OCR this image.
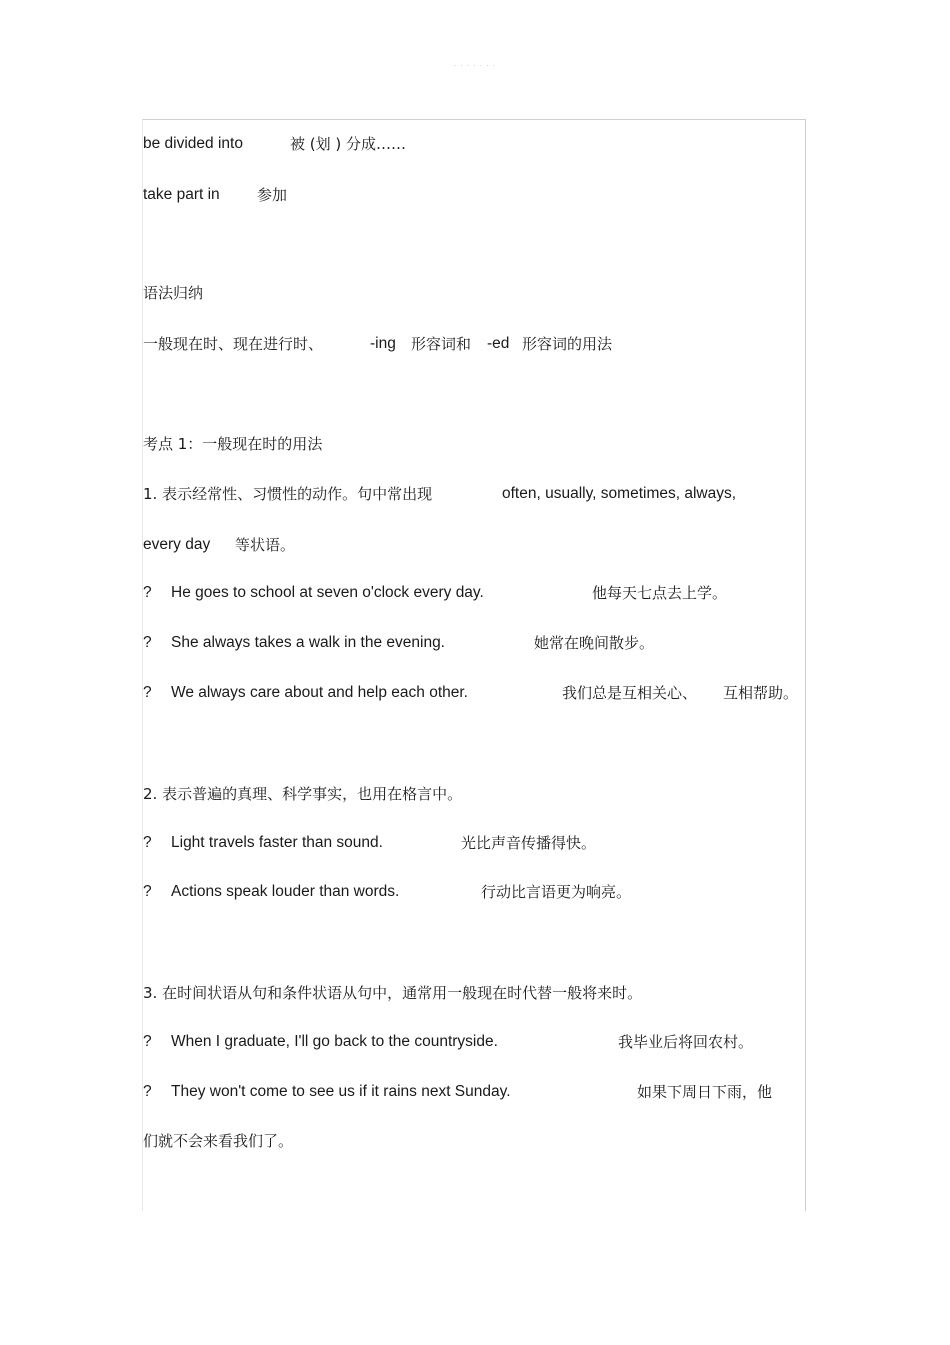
· · · · · · ·
be divided into	被 (划 ) 分成……
take part in 参加
语法归纳
一般现在时、现在进行时、	-ing 形容词和 -ed 形容词的用法
考点 1：一般现在时的用法
1. 表示经常性、习惯性的动作。句中常出现	often, usually, sometimes, always,
every day 等状语。
? He goes to school at seven o'clock every day.	他每天七点去上学。
? She always takes a walk in the evening.	她常在晚间散步。
? We always care about and help each other.	我们总是互相关心、 互相帮助。
2. 表示普遍的真理、科学事实，也用在格言中。
? Light travels faster than sound.	光比声音传播得快。
? Actions speak louder than words.	行动比言语更为响亮。
3. 在时间状语从句和条件状语从句中，通常用一般现在时代替一般将来时。
? When I graduate, I'll go back to the countryside.	我毕业后将回农村。
? They won't come to see us if it rains next Sunday.	如果下周日下雨，他
们就不会来看我们了。
